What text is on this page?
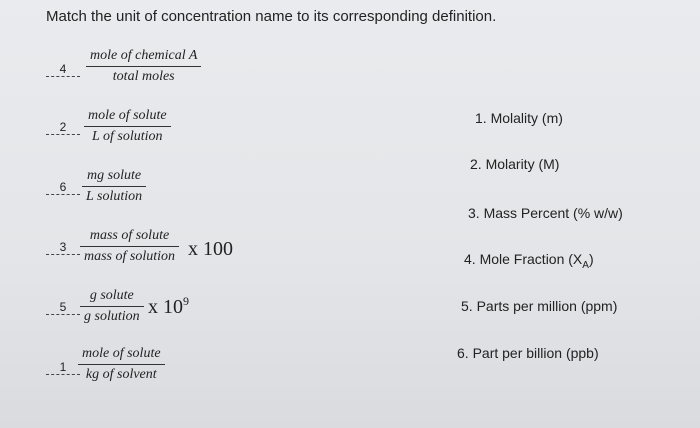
Match the unit of concentration name to its corresponding definition.
4
mole of chemical A
total moles
2
mole of solute
L of solution
6
mg solute
L solution
3
mass of solute
mass of solution x 100
5
g solute
g solution x $10^9$
1
mole of solute
kg of solvent
1. Molality (m)
2. Molarity (M)
3. Mass Percent (% w/w)
4. Mole Fraction $(X_A)$
5. Parts per million (ppm)
6. Part per billion (ppb)
